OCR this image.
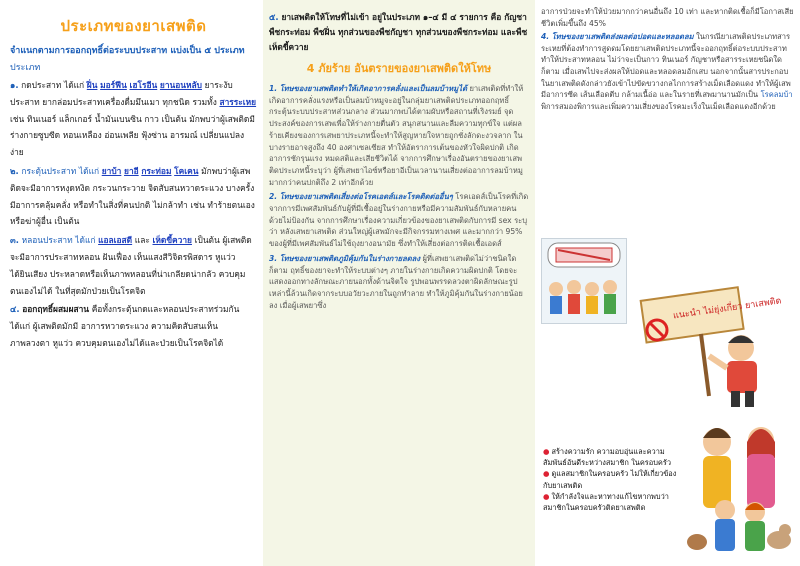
ประเภทของยาเสพติด
จำแนกตามการออกฤทธิ์ต่อระบบประสาท แบ่งเป็น ๕ ประเภท
ประเภท

๑. กดประสาท ได้แก่ ฝิ่น มอร์ฟีน เฮโรอีน ยานอนหลับ ยาระงับประสาท ยากล่อมประสาทเครื่องดื่มมึนเมา ทุกชนิด รวมทั้ง สารระเหย เช่น ทินเนอร์ แล็กเกอร์ น้ำมันเบนซิน กาว เป็นต้น มักพบว่าผู้เสพติดมี ร่างกายซูบซีด หอนเหลือง อ่อนเพลีย ฟุ้งซ่าน อารมณ์ เปลี่ยนแปลงง่าย

๒. กระตุ้นประสาท ได้แก่ ยาบ้า ยาอี กระท่อม โคเคน มักพบว่าผู้เสพติดจะมีอาการหงุดหงิด กระวนกระวาย จิตสับสนหวาดระแวง บางครั้งมีอาการคลุ้มคลั่ง หรือทำในสิ่งที่คนปกติ ไม่กล้าทำ เช่น ทำร้ายตนเอง หรือฆ่าผู้อื่น เป็นต้น

๓. หลอนประสาท ได้แก่ แอลเอสดี และ เห็ดขี้ควาย เป็นต้น ผู้เสพติดจะมีอาการประสาทหลอน ฝันเฟื่อง เห็นแสงสีวิจิตรพิสดาร หูแว่ว ได้ยินเสียง ประหลาดหรือเห็นภาพหลอนที่น่าเกลียดน่ากลัว ควบคุมตนเองไม่ได้ ในที่สุดมักป่วยเป็นโรคจิต

๔. ออกฤทธิ์ผสมผสาน คือทั้งกระตุ้นกดและหลอนประสาทร่วมกันได้แก่ ผู้เสพติดมักมี อาการหวาดระแวง ความคิดสับสนเห็นภาพลวงตา หูแว่ว ควบคุมตนเองไม่ได้และป่วยเป็นโรคจิตได้

๕. ยาเสพติดให้โทษที่ไม่เข้า อยู่ในประเภท ๑–๔ มี ๔ รายการ คือ กัญชา พืชกระท่อม พืชฝิ่น ทุกส่วนของพืชกัญชา ทุกส่วนของพืชกระท่อม และพืชเห็ดขี้ควาย

4 ภัยร้าย อันตรายของยาเสพติดให้โทษ

1. โทษของยาเสพติดทำให้เกิดอาการคลั่งและเป็นลมบ้าหมูได้ ยาเสพติดที่ทำให้เกิดอาการคลั่งแรงหรือเป็นลมบ้าหมูจะอยู่ในกลุ่มยาเสพติดประเภทออกฤทธิ์กระตุ้นระบบประสาทส่วนกลาง ส่วนมากพบได้ตามผับหรือสถานที่เริงรมย์ จุดประสงค์ของการเสพเพื่อให้ร่างกายตื่นตัว สนุกสนานและลืมความทุกข์ใจ แต่ผลร้ายเคียงของการเสพยาประเภทนี้จะทำให้สูญหายใจหายถูกชั่งลักดะงวจลาก ในบางรายอาจสูงถึง 40 องศาเซลเซียส ทำให้อัตราการเต้นของหัวใจผิดปกติ เกิดอาการชักรุนแรง หมดสติและเสียชีวิตได้ จากการศึกษาเรื่องอันตรายของยาเสพติดประเภทนี้ระบุว่า ผู้ที่เสพยาไอซ์หรือยาอีเป็นเวลานานเสี่ยงต่ออาการลมบ้าหมูมากกว่าคนปกติถึง 2 เท่าอีกด้วย

2. โทษของยาเสพติดเสี่ยงต่อโรคเอดส์และโรคติดต่ออื่นๆ โรคเอดส์เป็นโรคที่เกิดจากการมีเพศสัมพันธ์กับผู้ที่มีเชื้ออยู่ในร่างกายหรือมีความสัมพันธ์กับหลายคนด้วยไม่ป้องกัน จากการศึกษาเรื่องความเกี่ยวข้องของยาเสพติดกับการมี sex ระบุว่า หลังเสพยาเสพติด ส่วนใหญ่ผู้เสพมักจะมีกิจกรรมทางเพศ และมากกว่า 95% ของผู้ที่มีเพศสัมพันธ์ไม่ใช้ถุงยางอนามัย ซึ่งทำให้เสี่ยงต่อการติดเชื้อเอดส์

3. โทษของยาเสพติดภูมิคุ้มกันในร่างกายลดลง ผู้ที่เสพยาเสพติดไม่ว่าชนิดใดก็ตาม ฤทธิ์ของยาจะทำให้ระบบต่างๆ ภายในร่างกายเกิดความผิดปกติ โดยจะแสดงออกทางลักษณะภายนอกทั้งด้านจิตใจ รูปพอนพรรดลวงตาผิดลักษณะรูป เหล่านี้ล้วนเกิดจากระบบอวัยวะภายในถูกทำลาย ทำให้ภูมิคุ้มกันในร่างกายน้อยลง เมื่อผู้เสพยาซึ่ง

อาการป่วยจะทำให้ป่วยมากกว่าคนอื่นถึง 10 เท่า และหากติดเชื้อก็มีโอกาสเสียชีวิตเพิ่มขึ้นถึง 45%

4. โทษของยาเสพติดส่งผลต่อปอดและหลอดลม ในกรณียาเสพติดประเภทสารระเหยที่ต้องทำการสูดดมโดยยาเสพติดประเภทนี้จะออกฤทธิ์ต่อระบบประสาททำให้ประสาทหลอน ไม่ว่าจะเป็นกาว ทินเนอร์ กัญชาหรือสารระเหยชนิดใดก็ตาม เมื่อเสพไปจะส่งผลให้ปอดและหลอดลมอักเสบ นอกจากนั้นสารประกอบในยาเสพติดดังกล่าวยังเข้าไปขัดขวางกลไกการสร้างเม็ดเลือดแดง ทำให้ผู้เสพมีอาการซีด เส้นเลือดตีบ กล้ามเนื้อ่อ และในรายที่เสพมานานมักเป็น โรคลมบ้า พิการสมองพิการและเพิ่มความเสี่ยงของโรคมะเร็งในเม็ดเลือดแดงอีกด้วย

แนะนำ ไม่ยุ่งเกี่ยว ยาเสพติด

● สร้างความรัก ความอบอุ่นและความสัมพันธ์อันดีระหว่างสมาชิก ในครอบครัว

● ดูแลสมาชิกในครอบครัว ไม่ให้เกี่ยวข้องกับยาเสพติด

● ให้กำลังใจและหาทางแก้ไขหากพบว่าสมาชิกในครอบครัวติดยาเสพติด
